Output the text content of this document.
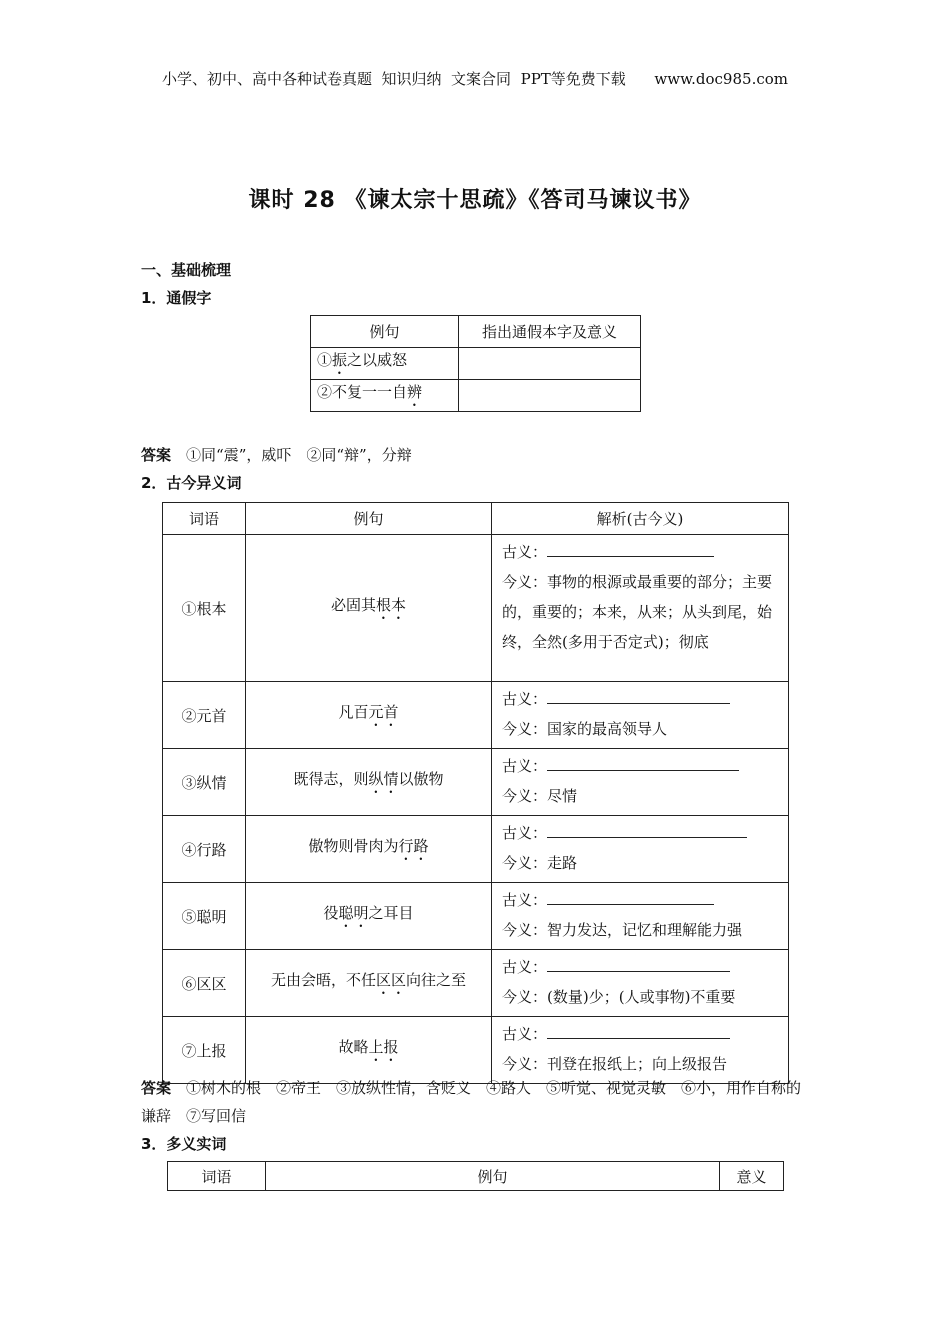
小学、初中、高中各种试卷真题  知识归纳  文案合同  PPT等免费下载      www.doc985.com
课时 28 《谏太宗十思疏》《答司马谏议书》
一、基础梳理
1．通假字
例句	指出通假本字及意义
①振之以威怒	
②不复一一自辨	
答案　 ①同“震”，威吓　②同“辩”，分辩
2．古今异义词
词语	例句	解析(古今义)
①根本	必固其根本	古义：
今义：事物的根源或最重要的部分；主要的，重要的；本来，从来；从头到尾，始终，全然(多用于否定式)；彻底

②元首	凡百元首	古义：
今义：国家的最高领导人

③纵情	既得志，则纵情以傲物	古义：
今义：尽情

④行路	傲物则骨肉为行路	古义：
今义：走路

⑤聪明	役聪明之耳目	古义：
今义：智力发达，记忆和理解能力强

⑥区区	无由会晤，不任区区向往之至	古义：
今义：(数量)少；(人或事物)不重要

⑦上报	故略上报	古义：
今义：刊登在报纸上；向上级报告
答案　 ①树木的根　②帝王　③放纵性情，含贬义　④路人　⑤听觉、视觉灵敏　⑥小，用作自称的谦辞　⑦写回信
3．多义实词
词语	例句	意义
